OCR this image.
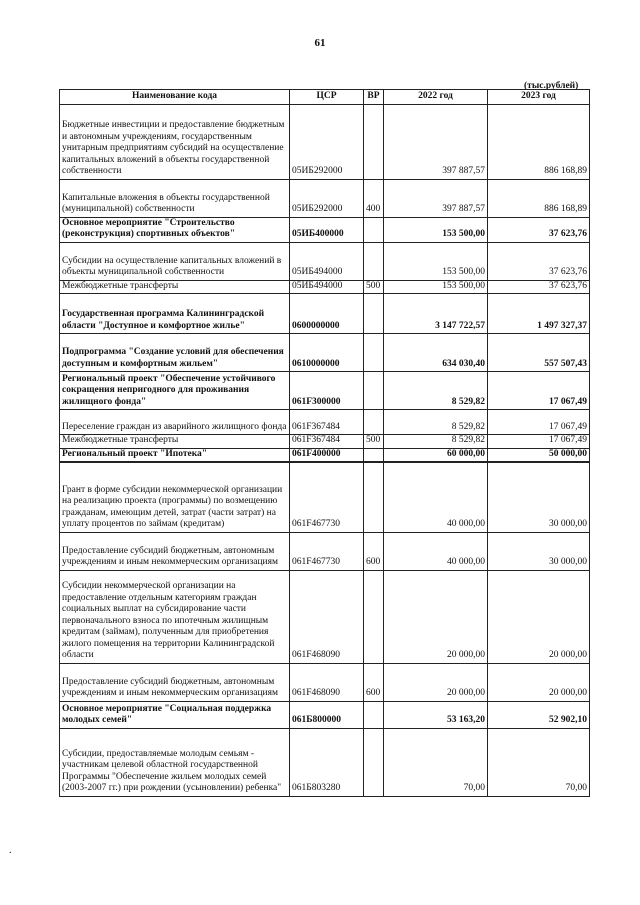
61
(тыс.рублей)
Наименование кода	ЦСР	ВР	2022 год	2023 год
Бюджетные инвестиции и предоставление бюджетным и автономным учреждениям, государственным унитарным предприятиям субсидий на осуществление капитальных вложений в объекты государственной собственности	05ИБ292000		397 887,57	886 168,89
Капитальные вложения в объекты государственной (муниципальной) собственности	05ИБ292000	400	397 887,57	886 168,89
Основное мероприятие "Строительство (реконструкция) спортивных объектов"	05ИБ400000		153 500,00	37 623,76
Субсидии на осуществление капитальных вложений в объекты муниципальной собственности	05ИБ494000		153 500,00	37 623,76
Межбюджетные трансферты	05ИБ494000	500	153 500,00	37 623,76
Государственная программа Калининградской области "Доступное и комфортное жилье"	0600000000		3 147 722,57	1 497 327,37
Подпрограмма "Создание условий для обеспечения доступным и комфортным жильем"	0610000000		634 030,40	557 507,43
Региональный проект "Обеспечение устойчивого сокращения непригодного для проживания жилищного фонда"	061F300000		8 529,82	17 067,49
Переселение граждан из аварийного жилищного фонда	061F367484		8 529,82	17 067,49
Межбюджетные трансферты	061F367484	500	8 529,82	17 067,49
Региональный проект "Ипотека"	061F400000		60 000,00	50 000,00
Грант в форме субсидии некоммерческой организации на реализацию проекта (программы) по возмещению гражданам, имеющим детей, затрат (части затрат) на уплату процентов по займам (кредитам)	061F467730		40 000,00	30 000,00
Предоставление субсидий бюджетным, автономным учреждениям и иным некоммерческим организациям	061F467730	600	40 000,00	30 000,00
Субсидии некоммерческой организации на предоставление отдельным категориям граждан социальных выплат на субсидирование части первоначального взноса по ипотечным жилищным кредитам (займам), полученным для приобретения жилого помещения на территории Калининградской области	061F468090		20 000,00	20 000,00
Предоставление субсидий бюджетным, автономным учреждениям и иным некоммерческим организациям	061F468090	600	20 000,00	20 000,00
Основное мероприятие "Социальная поддержка молодых семей"	061Б800000		53 163,20	52 902,10
Субсидии, предоставляемые молодым семьям - участникам целевой областной государственной Программы "Обеспечение жильем молодых семей (2003-2007 гг.) при рождении (усыновлении) ребенка"	061Б803280		70,00	70,00
.
